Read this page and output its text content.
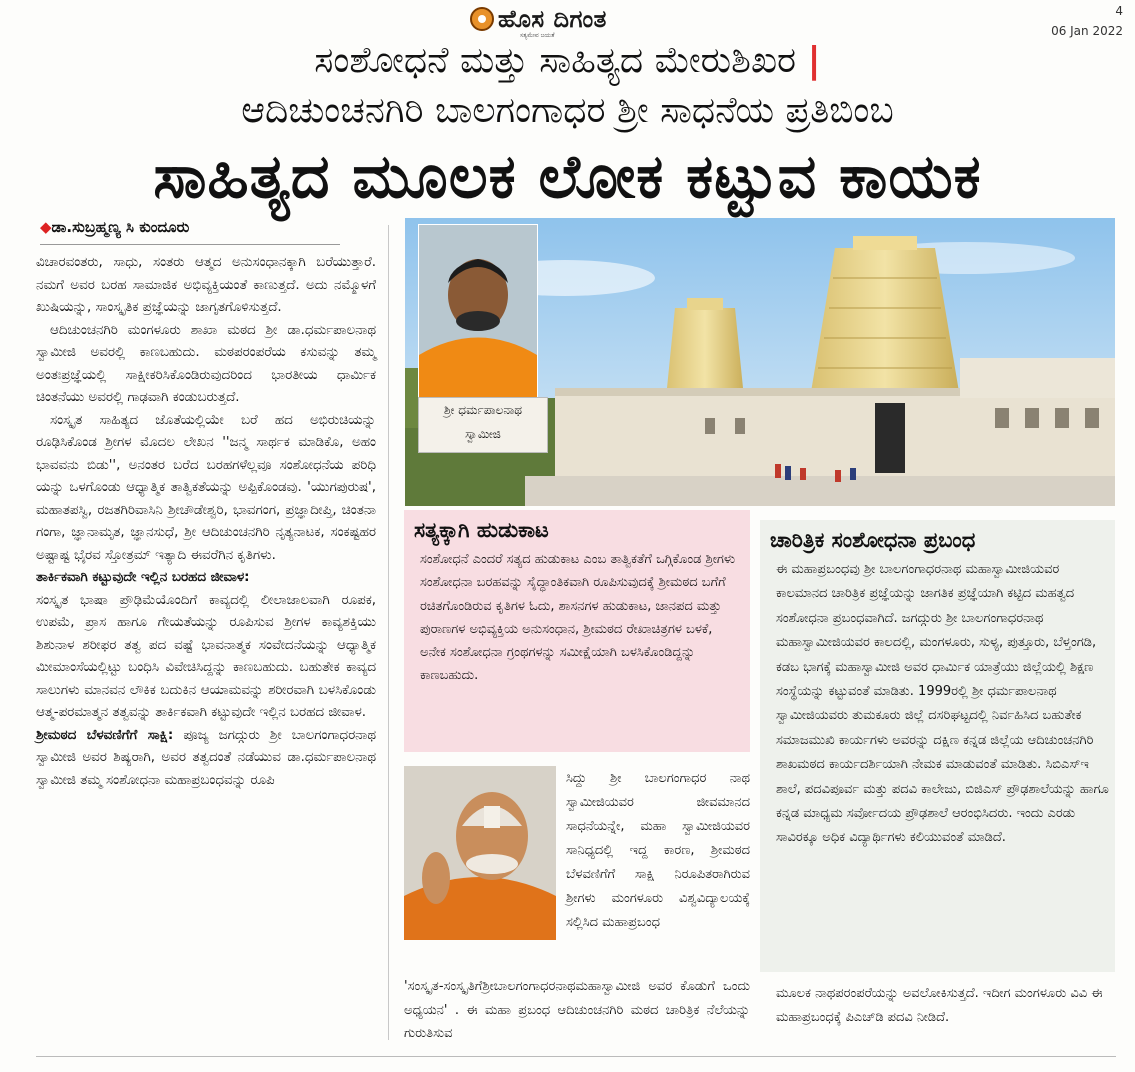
ಹೊಸ ದಿಗಂತ
ಸತ್ಯಮೇವ ಜಯತೆ
4
06 Jan 2022
ಸಂಶೋಧನೆ ಮತ್ತು ಸಾಹಿತ್ಯದ ಮೇರುಶಿಖರ |
ಆದಿಚುಂಚನಗಿರಿ ಬಾಲಗಂಗಾಧರ ಶ್ರೀ ಸಾಧನೆಯ ಪ್ರತಿಬಿಂಬ
ಸಾಹಿತ್ಯದ ಮೂಲಕ ಲೋಕ ಕಟ್ಟುವ ಕಾಯಕ
◆ಡಾ.ಸುಬ್ರಹ್ಮಣ್ಯ ಸಿ ಕುಂದೂರು

ವಿಚಾರವಂತರು, ಸಾಧು, ಸಂತರು ಆತ್ಮದ ಅನುಸಂಧಾನಕ್ಕಾಗಿ ಬರೆಯುತ್ತಾರೆ. ನಮಗೆ ಅವರ ಬರಹ ಸಾಮಾಜಿಕ ಅಭಿವ್ಯಕ್ತಿಯಂತೆ ಕಾಣುತ್ತದೆ. ಅದು ನಮ್ಮೊಳಗೆ ಖುಷಿಯನ್ನು, ಸಾಂಸ್ಕೃತಿಕ ಪ್ರಜ್ಞೆಯನ್ನು ಜಾಗೃತಗೊಳಿಸುತ್ತದೆ.

ಆದಿಚುಂಚನಗಿರಿ ಮಂಗಳೂರು ಶಾಖಾ ಮಠದ ಶ್ರೀ ಡಾ.ಧರ್ಮಪಾಲನಾಥ ಸ್ವಾಮೀಜಿ ಅವರಲ್ಲಿ ಕಾಣಬಹುದು. ಮಠಪರಂಪರೆಯ ಕಸುವನ್ನು ತಮ್ಮ ಅಂತಃಪ್ರಜ್ಞೆಯಲ್ಲಿ ಸಾಕ್ಷೀಕರಿಸಿಕೊಂಡಿರುವುದರಿಂದ ಭಾರತೀಯ ಧಾರ್ಮಿಕ ಚಿಂತನೆಯು ಅವರಲ್ಲಿ ಗಾಢವಾಗಿ ಕಂಡುಬರುತ್ತದೆ.

ಸಂಸ್ಕೃತ ಸಾಹಿತ್ಯದ ಜೊತೆಯಲ್ಲಿಯೇ ಬರೆ ಹದ ಅಭಿರುಚಿಯನ್ನು ರೂಢಿಸಿಕೊಂಡ ಶ್ರೀಗಳ ಮೊದಲ ಲೇಖನ ''ಜನ್ಮ ಸಾರ್ಥಕ ಮಾಡಿಕೊ, ಅಹಂ ಭಾವವನು ಬಿಡು'', ಅನಂತರ ಬರೆದ ಬರಹಗಳೆಲ್ಲವೂ ಸಂಶೋಧನೆಯ ಪರಿಧಿ ಯನ್ನು ಒಳಗೊಂಡು ಆಧ್ಯಾತ್ಮಿಕ ತಾತ್ವಿಕತೆಯನ್ನು ಅಪ್ಪಿಕೊಂಡವು. 'ಯುಗಪುರುಷ', ಮಹಾತಪಸ್ವಿ, ರಜತಗಿರಿವಾಸಿನಿ ಶ್ರೀಚೌಡೇಶ್ವರಿ, ಭಾವಗಂಗ, ಪ್ರಜ್ಞಾದೀಪ್ತಿ, ಚಿಂತನಾ ಗಂಗಾ, ಜ್ಞಾನಾಮೃತ, ಜ್ಞಾನಸುಧೆ, ಶ್ರೀ ಆದಿಚುಂಚನಗಿರಿ ನೃತ್ಯನಾಟಕ, ಸಂಕಷ್ಟಹರ ಅಷ್ಟಾಷ್ಟ ಭೈರವ ಸ್ತೋತ್ರಮ್ ಇತ್ಯಾದಿ ಈವರೆಗಿನ ಕೃತಿಗಳು.

ತಾರ್ಕಿಕವಾಗಿ ಕಟ್ಟುವುದೇ ಇಲ್ಲಿನ ಬರಹದ ಜೀವಾಳ:

ಸಂಸ್ಕೃತ ಭಾಷಾ ಪ್ರೌಢಿಮೆಯೊಂದಿಗೆ ಕಾವ್ಯದಲ್ಲಿ ಲೀಲಾಜಾಲವಾಗಿ ರೂಪಕ, ಉಪಮೆ, ಪ್ರಾಸ ಹಾಗೂ ಗೇಯತೆಯನ್ನು ರೂಪಿಸುವ ಶ್ರೀಗಳ ಕಾವ್ಯಶಕ್ತಿಯು ಶಿಶುನಾಳ ಶರೀಫರ ತತ್ವ ಪದ ವಷ್ಟೆ ಭಾವನಾತ್ಮಕ ಸಂವೇದನೆಯನ್ನು ಆಧ್ಯಾತ್ಮಿಕ ಮೀಮಾಂಸೆಯಲ್ಲಿಟ್ಟು ಬಂಧಿಸಿ ವಿವೇಚಿಸಿದ್ದನ್ನು ಕಾಣಬಹುದು. ಬಹುತೇಕ ಕಾವ್ಯದ ಸಾಲುಗಳು ಮಾನವನ ಲೌಕಿಕ ಬದುಕಿನ ಆಯಾಮವನ್ನು ಶರೀರವಾಗಿ ಬಳಸಿಕೊಂಡು ಆತ್ಮ-ಪರಮಾತ್ಮನ ತತ್ವವನ್ನು ತಾರ್ಕಿಕವಾಗಿ ಕಟ್ಟುವುದೇ ಇಲ್ಲಿನ ಬರಹದ ಜೀವಾಳ.

ಶ್ರೀಮಠದ ಬೆಳವಣಿಗೆಗೆ ಸಾಕ್ಷಿ: ಪೂಜ್ಯ ಜಗದ್ಗುರು ಶ್ರೀ ಬಾಲಗಂಗಾಧರನಾಥ ಸ್ವಾಮೀಜಿ ಅವರ ಶಿಷ್ಯರಾಗಿ, ಅವರ ತತ್ವದಂತೆ ನಡೆಯುವ ಡಾ.ಧರ್ಮಪಾಲನಾಥ ಸ್ವಾಮೀಜಿ ತಮ್ಮ ಸಂಶೋಧನಾ ಮಹಾಪ್ರಬಂಧವನ್ನು ರೂಪಿ

ಶ್ರೀ ಧರ್ಮಪಾಲನಾಥ
ಸ್ವಾಮೀಜಿ
ಸತ್ಯಕ್ಕಾಗಿ ಹುಡುಕಾಟ
ಸಂಶೋಧನೆ ಎಂದರೆ ಸತ್ಯದ ಹುಡುಕಾಟ ಎಂಬ ತಾತ್ವಿಕತೆಗೆ ಒಗ್ಗಿಕೊಂಡ ಶ್ರೀಗಳು ಸಂಶೋಧನಾ ಬರಹವನ್ನು ಸೈದ್ಧಾಂತಿಕವಾಗಿ ರೂಪಿಸುವುದಕ್ಕೆ ಶ್ರೀಮಠದ ಬಗೆಗೆ ರಚಿತಗೊಂಡಿರುವ ಕೃತಿಗಳ ಓದು, ಶಾಸನಗಳ ಹುಡುಕಾಟ, ಜಾನಪದ ಮತ್ತು ಪುರಾಣಗಳ ಅಭಿವ್ಯಕ್ತಿಯ ಅನುಸಂಧಾನ, ಶ್ರೀಮಠದ ರೇಖಾಚಿತ್ರಗಳ ಬಳಕೆ, ಅನೇಕ ಸಂಶೋಧನಾ ಗ್ರಂಥಗಳನ್ನು ಸಮೀಕ್ಷೆಯಾಗಿ ಬಳಸಿಕೊಂಡಿದ್ದನ್ನು ಕಾಣಬಹುದು.
ಚಾರಿತ್ರಿಕ ಸಂಶೋಧನಾ ಪ್ರಬಂಧ
ಈ ಮಹಾಪ್ರಬಂಧವು ಶ್ರೀ ಬಾಲಗಂಗಾಧರನಾಥ ಮಹಾಸ್ವಾಮೀಜಿಯವರ ಕಾಲಮಾನದ ಚಾರಿತ್ರಿಕ ಪ್ರಜ್ಞೆಯನ್ನು ಜಾಗತಿಕ ಪ್ರಜ್ಞೆಯಾಗಿ ಕಟ್ಟಿದ ಮಹತ್ವದ ಸಂಶೋಧನಾ ಪ್ರಬಂಧವಾಗಿದೆ. ಜಗದ್ಗುರು ಶ್ರೀ ಬಾಲಗಂಗಾಧರನಾಥ ಮಹಾಸ್ವಾಮೀಜಿಯವರ ಕಾಲದಲ್ಲಿ, ಮಂಗಳೂರು, ಸುಳ್ಯ, ಪುತ್ತೂರು, ಬೆಳ್ತಂಗಡಿ, ಕಡಬ ಭಾಗಕ್ಕೆ ಮಹಾಸ್ವಾಮೀಜಿ ಅವರ ಧಾರ್ಮಿಕ ಯಾತ್ರೆಯು ಜಿಲ್ಲೆಯಲ್ಲಿ ಶಿಕ್ಷಣ ಸಂಸ್ಥೆಯನ್ನು ಕಟ್ಟುವಂತೆ ಮಾಡಿತು. 1999ರಲ್ಲಿ ಶ್ರೀ ಧರ್ಮಪಾಲನಾಥ ಸ್ವಾಮೀಜಿಯವರು ತುಮಕೂರು ಜಿಲ್ಲೆ ದಸರಿಘಟ್ಟದಲ್ಲಿ ನಿರ್ವಹಿಸಿದ ಬಹುತೇಕ ಸಮಾಜಮುಖಿ ಕಾರ್ಯಗಳು ಅವರನ್ನು ದಕ್ಷಿಣ ಕನ್ನಡ ಜಿಲ್ಲೆಯ ಆದಿಚುಂಚನಗಿರಿ ಶಾಖಮಠದ ಕಾರ್ಯದರ್ಶಿಯಾಗಿ ನೇಮಕ ಮಾಡುವಂತೆ ಮಾಡಿತು. ಸಿಬಿಎಸ್‌ಇ ಶಾಲೆ, ಪದವಿಪೂರ್ವ ಮತ್ತು ಪದವಿ ಕಾಲೇಜು, ಬಿಜಿಎಸ್ ಪ್ರೌಢಶಾಲೆಯನ್ನು ಹಾಗೂ ಕನ್ನಡ ಮಾಧ್ಯಮ ಸರ್ವೋದಯ ಪ್ರೌಢಶಾಲೆ ಆರಂಭಿಸಿದರು. ಇಂದು ಎರಡು ಸಾವಿರಕ್ಕೂ ಅಧಿಕ ವಿದ್ಯಾರ್ಥಿಗಳು ಕಲಿಯುವಂತೆ ಮಾಡಿದೆ.
ಸಿದ್ದು ಶ್ರೀ ಬಾಲಗಂಗಾಧರ ನಾಥ ಸ್ವಾಮೀಜಿಯವರ ಜೀವಮಾನದ ಸಾಧನೆಯನ್ನೇ, ಮಹಾ ಸ್ವಾಮೀಜಿಯವರ ಸಾನಿಧ್ಯದಲ್ಲಿ ಇದ್ದ ಕಾರಣ, ಶ್ರೀಮಠದ ಬೆಳವಣಿಗೆಗೆ ಸಾಕ್ಷಿ ನಿರೂಪಿತರಾಗಿರುವ ಶ್ರೀಗಳು ಮಂಗಳೂರು ವಿಶ್ವವಿದ್ಯಾಲಯಕ್ಕೆ ಸಲ್ಲಿಸಿದ ಮಹಾಪ್ರಬಂಧ
'ಸಂಸ್ಕೃತ-ಸಂಸ್ಕೃತಿಗೆಶ್ರೀಬಾಲಗಂಗಾಧರನಾಥಮಹಾಸ್ವಾಮೀಜಿ ಅವರ ಕೊಡುಗೆ ಒಂದು ಅಧ್ಯಯನ' . ಈ ಮಹಾ ಪ್ರಬಂಧ ಆದಿಚುಂಚನಗಿರಿ ಮಠದ ಚಾರಿತ್ರಿಕ ನೆಲೆಯನ್ನು ಗುರುತಿಸುವ
ಮೂಲಕ ನಾಥಪರಂಪರೆಯನ್ನು ಅವಲೋಕಿಸುತ್ತದೆ. ಇದೀಗ ಮಂಗಳೂರು ವಿವಿ ಈ ಮಹಾಪ್ರಬಂಧಕ್ಕೆ ಪಿಎಚ್‌ಡಿ ಪದವಿ ನೀಡಿದೆ.
